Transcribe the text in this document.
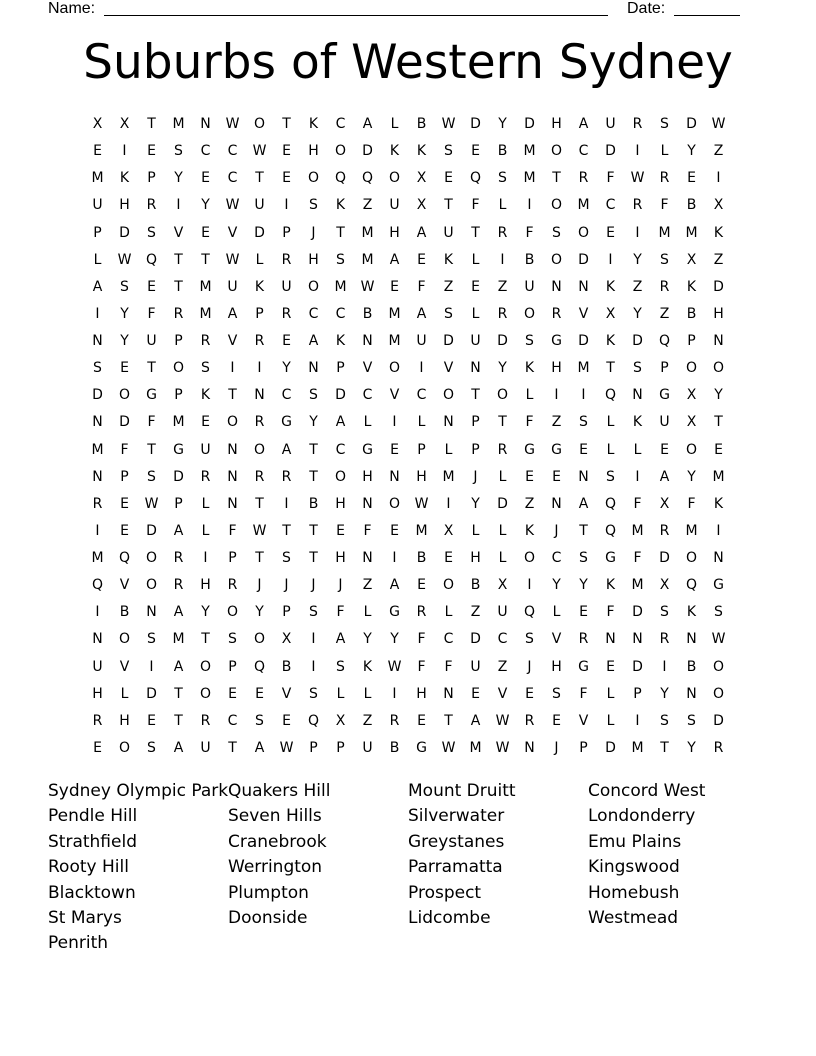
Name:	Date:
Suburbs of Western Sydney
X	X	T	M	N	W	O	T	K	C	A	L	B	W	D	Y	D	H	A	U	R	S	D	W
E	I	E	S	C	C	W	E	H	O	D	K	K	S	E	B	M	O	C	D	I	L	Y	Z
M	K	P	Y	E	C	T	E	O	Q	Q	O	X	E	Q	S	M	T	R	F	W	R	E	I
U	H	R	I	Y	W	U	I	S	K	Z	U	X	T	F	L	I	O	M	C	R	F	B	X
P	D	S	V	E	V	D	P	J	T	M	H	A	U	T	R	F	S	O	E	I	M	M	K
L	W	Q	T	T	W	L	R	H	S	M	A	E	K	L	I	B	O	D	I	Y	S	X	Z
A	S	E	T	M	U	K	U	O	M	W	E	F	Z	E	Z	U	N	N	K	Z	R	K	D
I	Y	F	R	M	A	P	R	C	C	B	M	A	S	L	R	O	R	V	X	Y	Z	B	H
N	Y	U	P	R	V	R	E	A	K	N	M	U	D	U	D	S	G	D	K	D	Q	P	N
S	E	T	O	S	I	I	Y	N	P	V	O	I	V	N	Y	K	H	M	T	S	P	O	O
D	O	G	P	K	T	N	C	S	D	C	V	C	O	T	O	L	I	I	Q	N	G	X	Y
N	D	F	M	E	O	R	G	Y	A	L	I	L	N	P	T	F	Z	S	L	K	U	X	T
M	F	T	G	U	N	O	A	T	C	G	E	P	L	P	R	G	G	E	L	L	E	O	E
N	P	S	D	R	N	R	R	T	O	H	N	H	M	J	L	E	E	N	S	I	A	Y	M
R	E	W	P	L	N	T	I	B	H	N	O	W	I	Y	D	Z	N	A	Q	F	X	F	K
I	E	D	A	L	F	W	T	T	E	F	E	M	X	L	L	K	J	T	Q	M	R	M	I
M	Q	O	R	I	P	T	S	T	H	N	I	B	E	H	L	O	C	S	G	F	D	O	N
Q	V	O	R	H	R	J	J	J	J	Z	A	E	O	B	X	I	Y	Y	K	M	X	Q	G
I	B	N	A	Y	O	Y	P	S	F	L	G	R	L	Z	U	Q	L	E	F	D	S	K	S
N	O	S	M	T	S	O	X	I	A	Y	Y	F	C	D	C	S	V	R	N	N	R	N	W
U	V	I	A	O	P	Q	B	I	S	K	W	F	F	U	Z	J	H	G	E	D	I	B	O
H	L	D	T	O	E	E	V	S	L	L	I	H	N	E	V	E	S	F	L	P	Y	N	O
R	H	E	T	R	C	S	E	Q	X	Z	R	E	T	A	W	R	E	V	L	I	S	S	D
E	O	S	A	U	T	A	W	P	P	U	B	G	W	M	W	N	J	P	D	M	T	Y	R
Sydney Olympic Park
Pendle Hill
Strathfield
Rooty Hill
Blacktown
St Marys
Penrith
Quakers Hill
Seven Hills
Cranebrook
Werrington
Plumpton
Doonside
Mount Druitt
Silverwater
Greystanes
Parramatta
Prospect
Lidcombe
Concord West
Londonderry
Emu Plains
Kingswood
Homebush
Westmead
